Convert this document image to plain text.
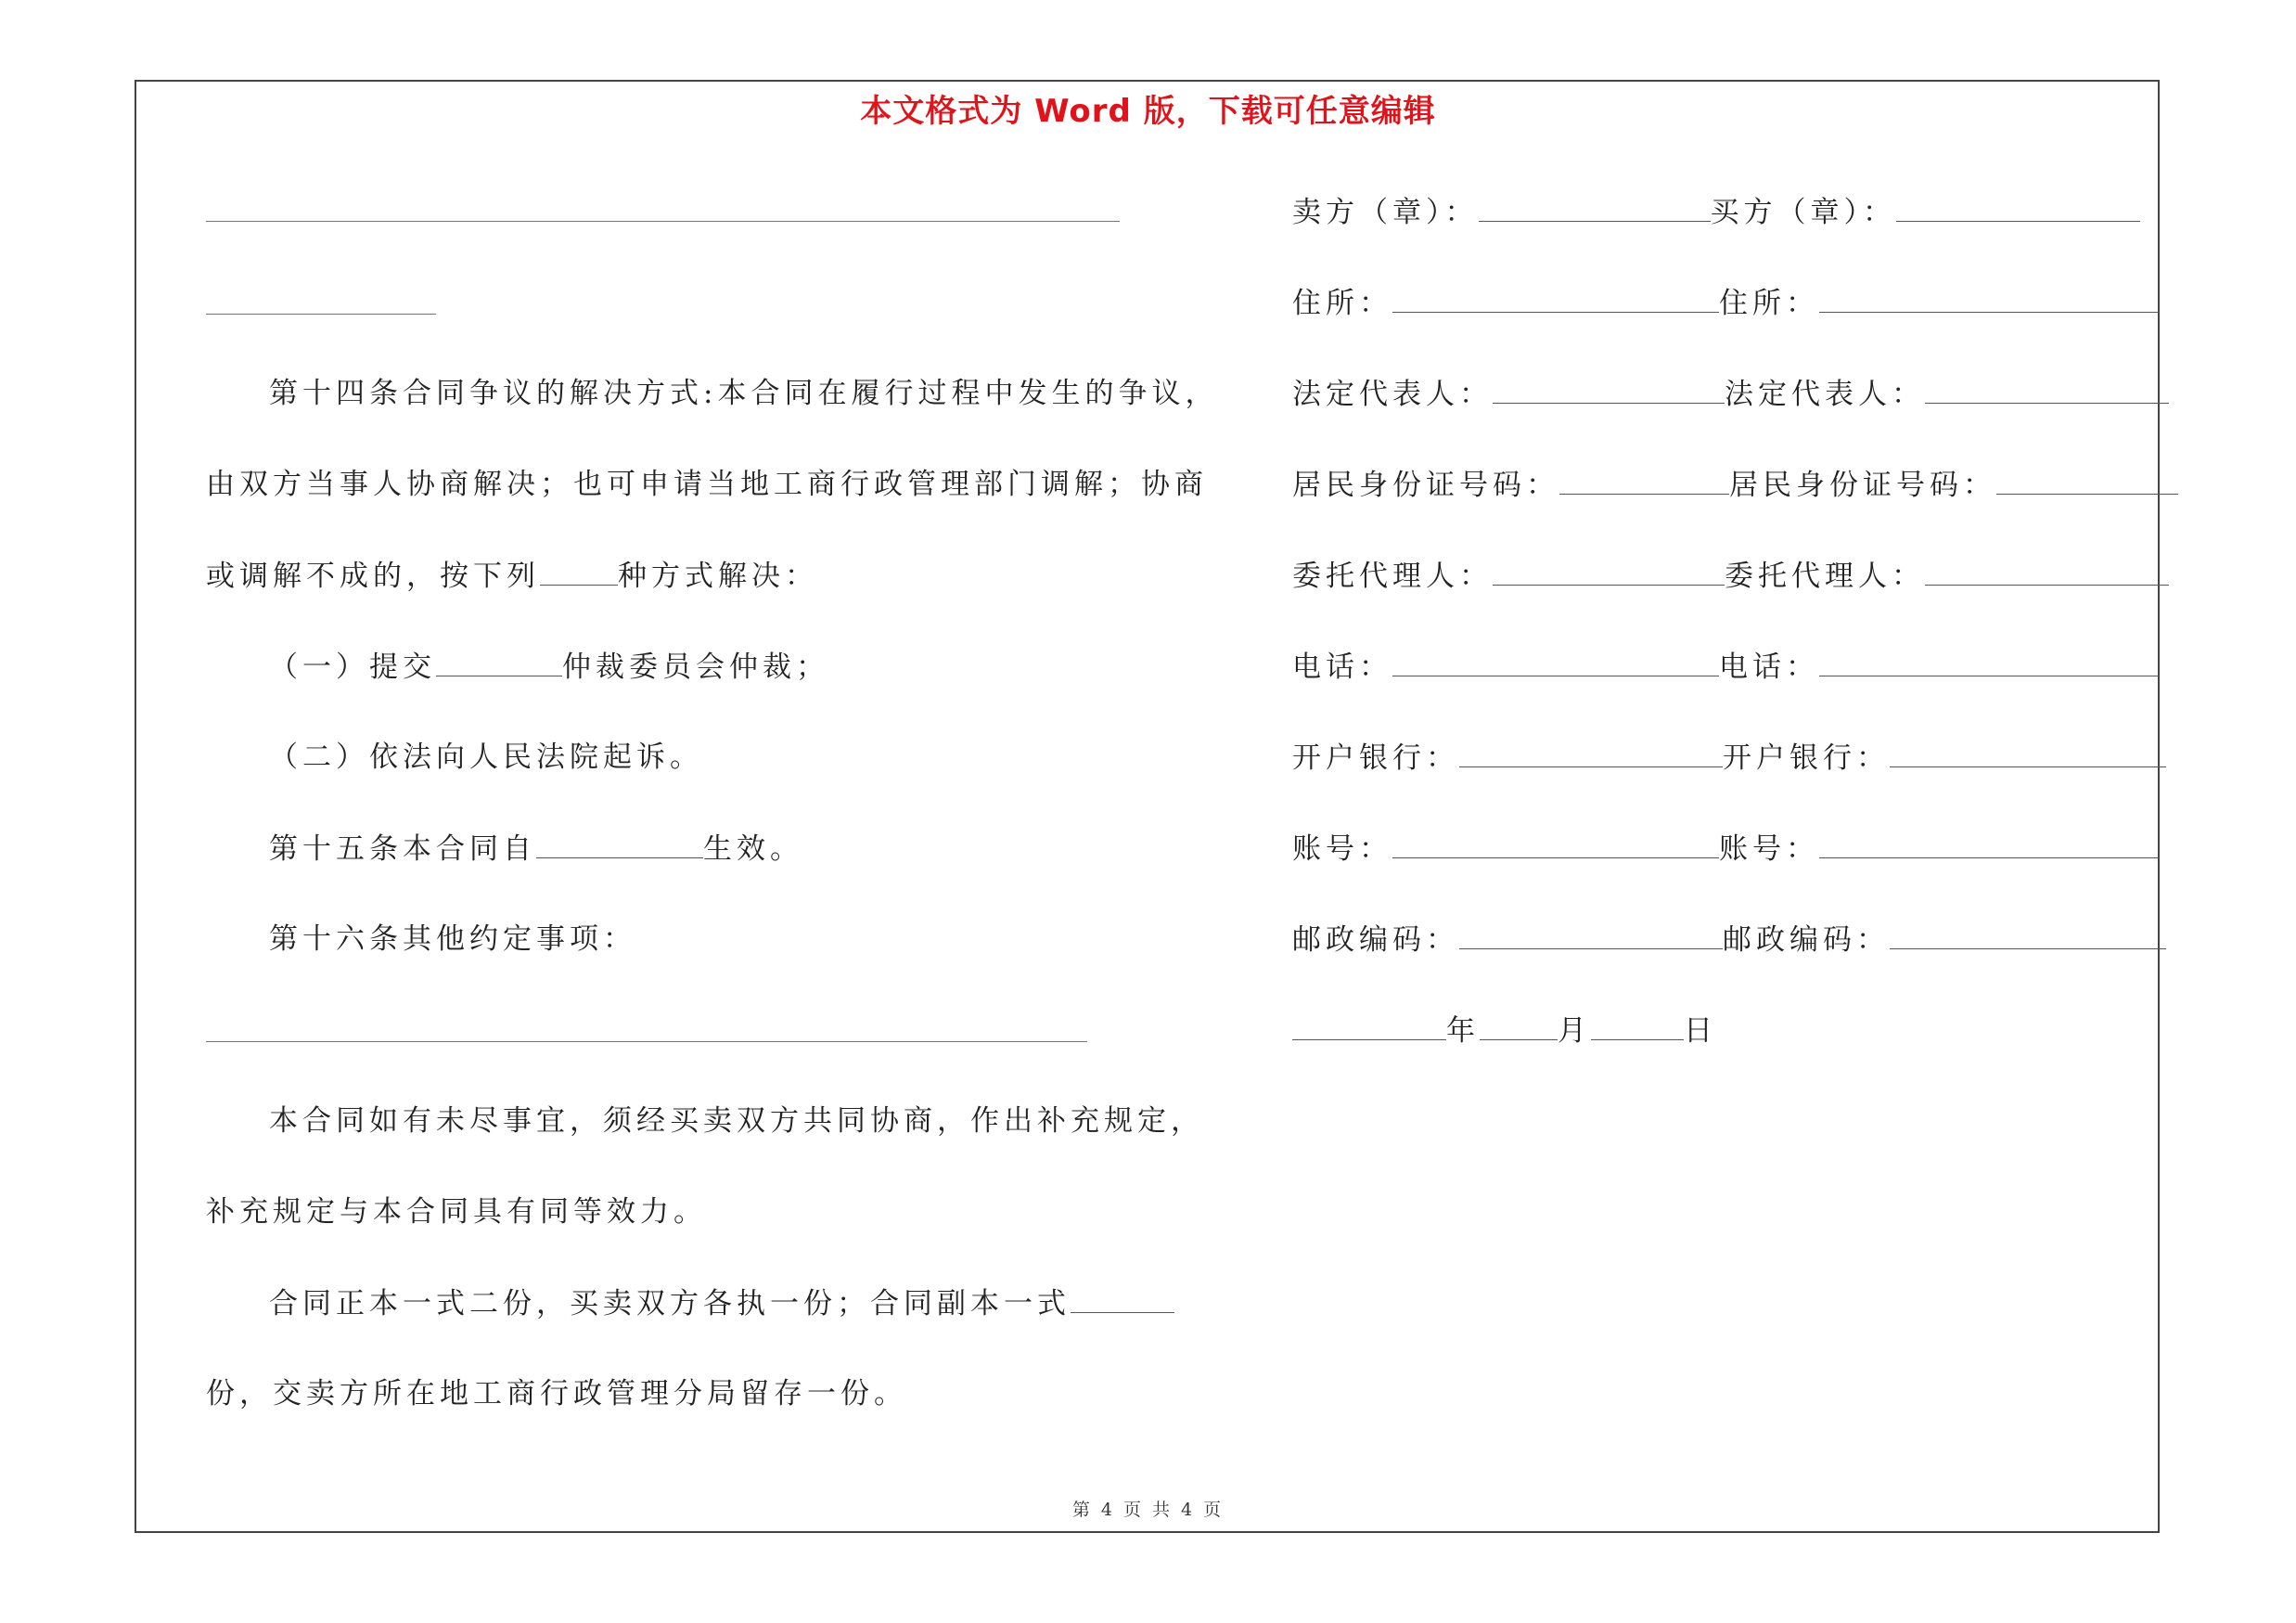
本文格式为 Word 版，下载可任意编辑
第十四条合同争议的解决方式:本合同在履行过程中发生的争议，
由双方当事人协商解决；也可申请当地工商行政管理部门调解；协商
或调解不成的，按下列	种方式解决：
（一）提交	仲裁委员会仲裁；
（二）依法向人民法院起诉。
第十五条本合同自	生效。
第十六条其他约定事项：
本合同如有未尽事宜，须经买卖双方共同协商，作出补充规定，
补充规定与本合同具有同等效力。
合同正本一式二份，买卖双方各执一份；合同副本一式
份，交卖方所在地工商行政管理分局留存一份。
卖方（章）：	买方（章）：
住所：	住所：
法定代表人：	法定代表人：
居民身份证号码：	居民身份证号码：
委托代理人：	委托代理人：
电话：	电话：
开户银行：	开户银行：
账号：	账号：
邮政编码：	邮政编码：
年	月	日
第 4 页 共 4 页
